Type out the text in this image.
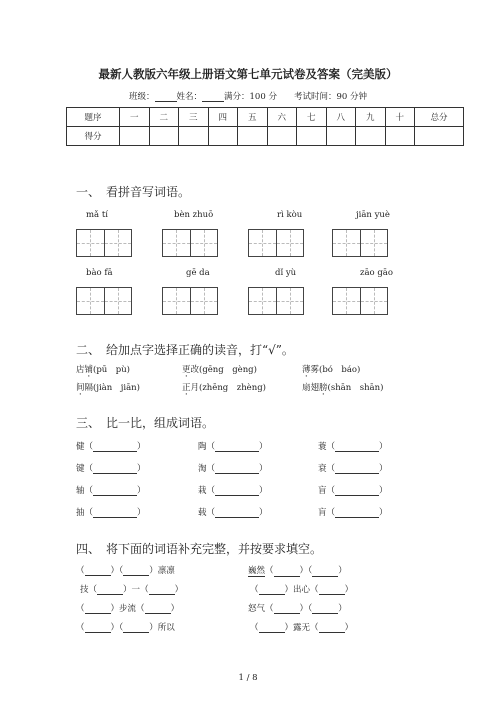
最新人教版六年级上册语文第七单元试卷及答案（完美版）
班级：	姓名：	满分：100 分　　 考试时间：90 分钟
题序	一	二	三	四	五	六	七	八	九	十	总分
得分											
一、　看拼音写词语。
mǎ tí	bèn zhuō	rì kòu	jiān yuè
bào fā	gē da	dǐ yù	zāo gāo
二、　给加点字选择正确的读音，打“√”。
店铺(pū　pù)	更改(gēng　gèng)	薄雾(bó　báo)
间隔(jiàn　jiān)	正月(zhēng　zhèng)	扇翅膀(shān　shān)
三、　比一比，组成词语。
健（	）	陶（	）	蓑（	）
键（	）	淘（	）	衰（	）
轴（	）	栽（	）	盲（	）
抽（	）	载（	）	肓（	）
四、　将下面的词语补充完整，并按要求填空。
（	）（	）凛凛	巍然（	）（	）
技（	）一（	）	（	）出心（	）
（	）步流（	）	怒气（	）（	）
（	）（	）所以	（	）露无（	）
1 / 8
